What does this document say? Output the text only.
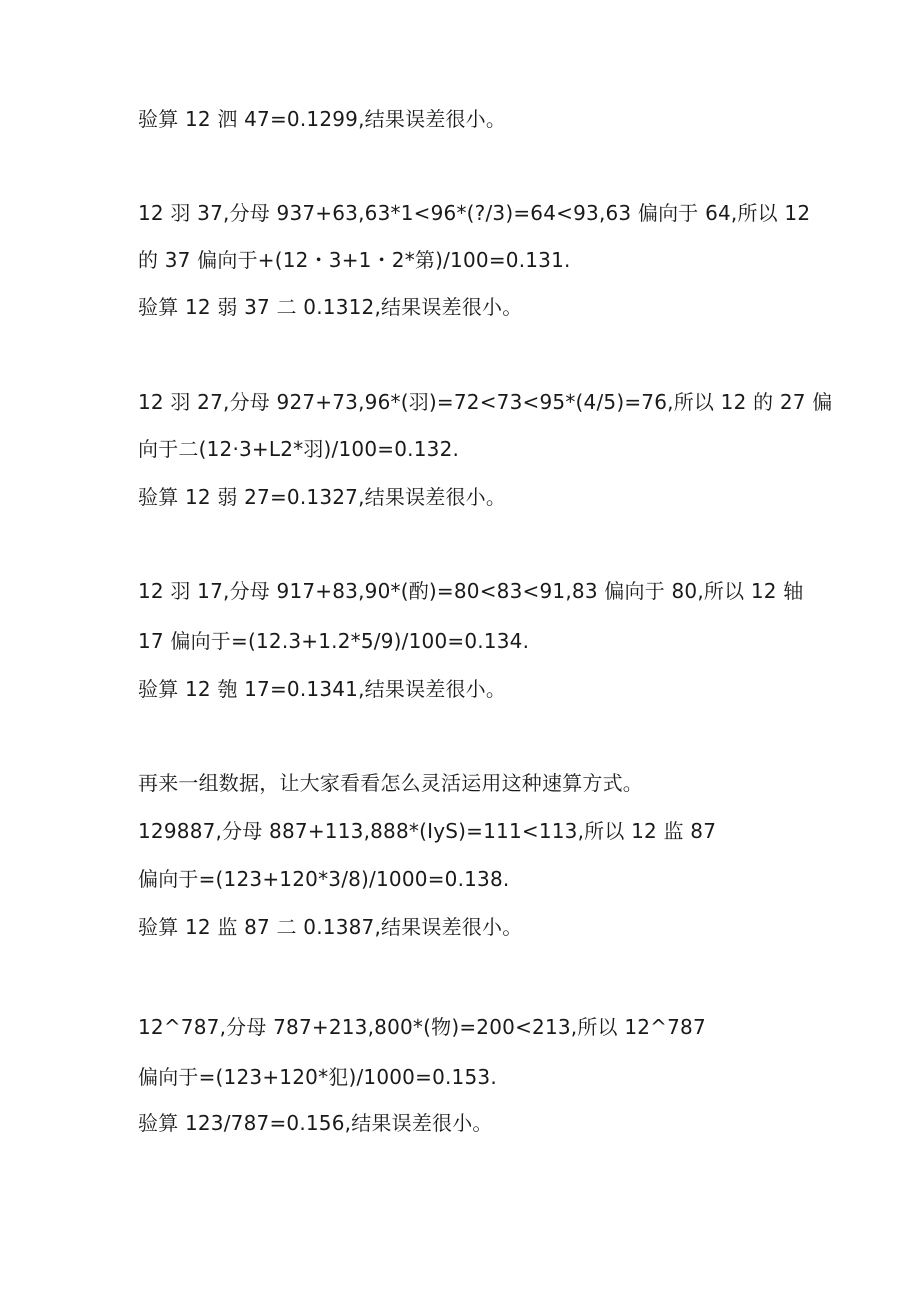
验算 12 泗 47=0.1299,结果误差很小。
12 羽 37,分母 937+63,63*1<96*(?/3)=64<93,63 偏向于 64,所以 12
的 37 偏向于+(12・3+1・2*第)/100=0.131.
验算 12 弱 37 二 0.1312,结果误差很小。
12 羽 27,分母 927+73,96*(羽)=72<73<95*(4/5)=76,所以 12 的 27 偏
向于二(12·3+L2*羽)/100=0.132.
验算 12 弱 27=0.1327,结果误差很小。
12 羽 17,分母 917+83,90*(酌)=80<83<91,83 偏向于 80,所以 12 轴
17 偏向于=(12.3+1.2*5/9)/100=0.134.
验算 12 匏 17=0.1341,结果误差很小。
再来一组数据，让大家看看怎么灵活运用这种速算方式。
129887,分母 887+113,888*(IyS)=111<113,所以 12 监 87
偏向于=(123+120*3/8)/1000=0.138.
验算 12 监 87 二 0.1387,结果误差很小。
12^787,分母 787+213,800*(物)=200<213,所以 12^787
偏向于=(123+120*犯)/1000=0.153.
验算 123/787=0.156,结果误差很小。
